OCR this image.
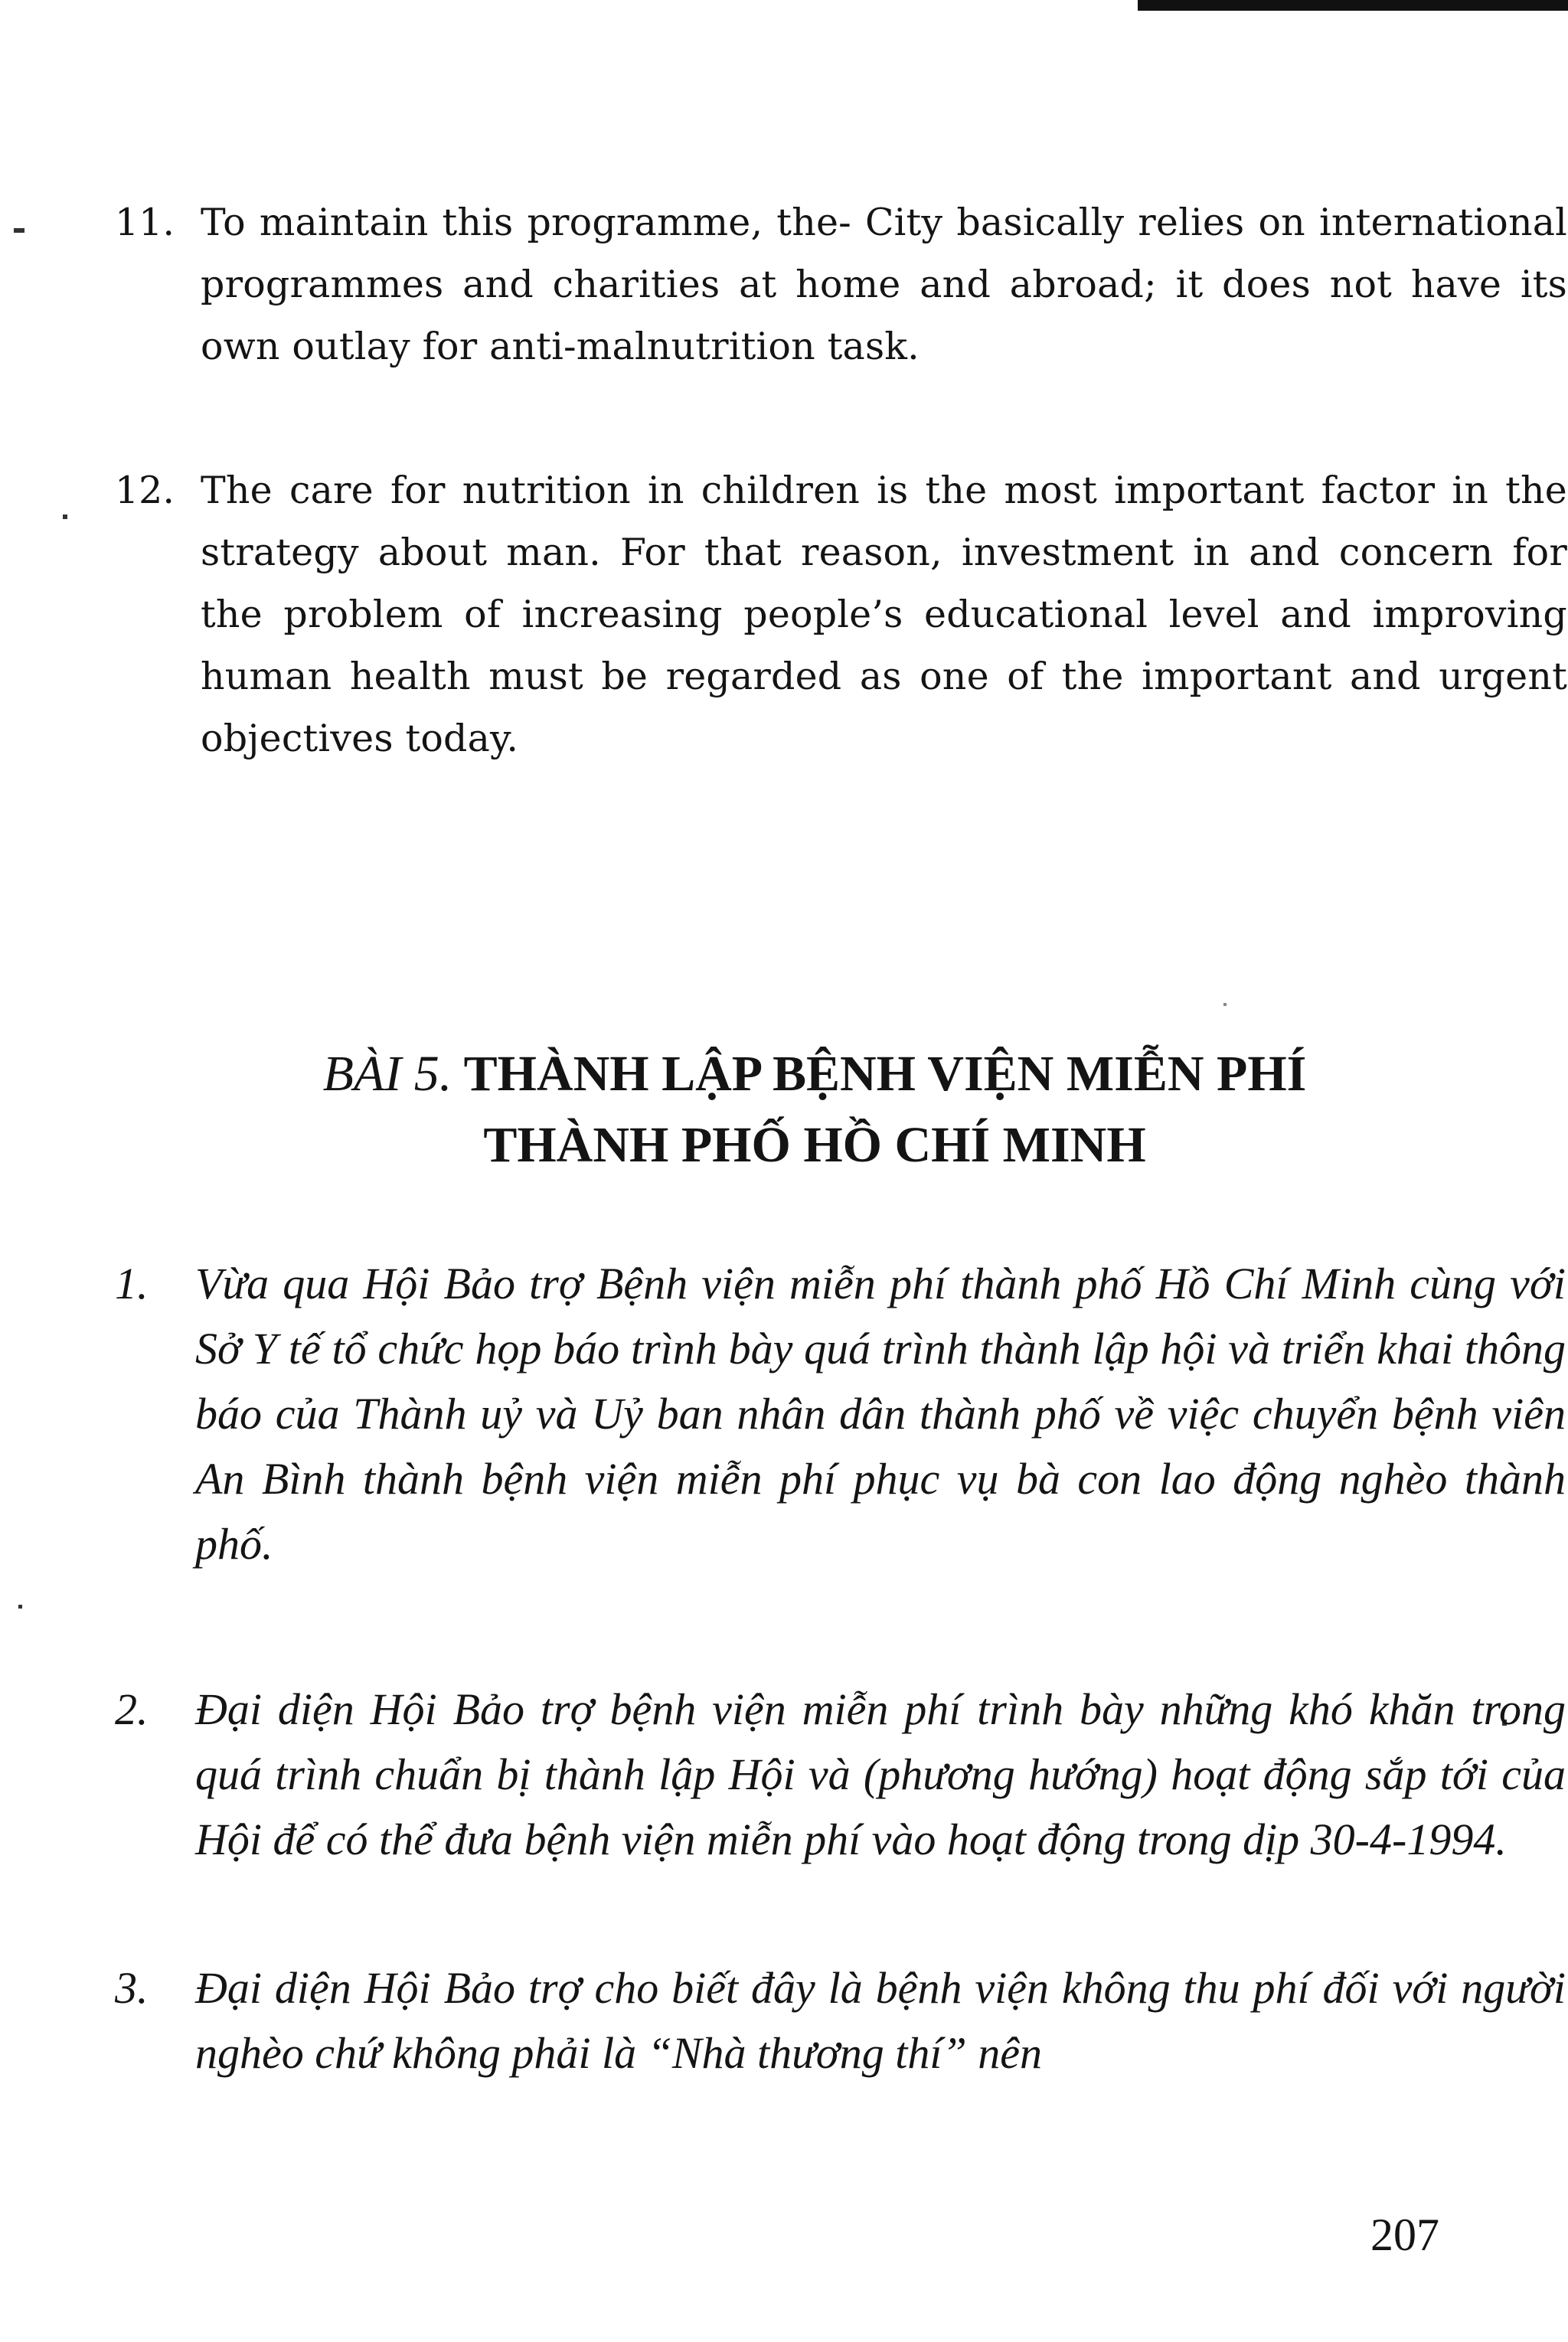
11. To maintain this programme, the‑ City basically relies on international programmes and charities at home and abroad; it does not have its own outlay for anti-malnutrition task.
12. The care for nutrition in children is the most important factor in the strategy about man. For that reason, investment in and concern for the problem of increasing people’s educational level and improving human health must be regarded as one of the important and urgent objectives today.
BÀI 5. THÀNH LẬP BỆNH VIỆN MIỄN PHÍ
THÀNH PHỐ HỒ CHÍ MINH
1. Vừa qua Hội Bảo trợ Bệnh viện miễn phí thành phố Hồ Chí Minh cùng với Sở Y tế tổ chức họp báo trình bày quá trình thành lập hội và triển khai thông báo của Thành uỷ và Uỷ ban nhân dân thành phố về việc chuyển bệnh viên An Bình thành bệnh viện miễn phí phục vụ bà con lao động nghèo thành phố.
2. Đại diện Hội Bảo trợ bệnh viện miễn phí trình bày những khó khăn trong quá trình chuẩn bị thành lập Hội và (phương hướng) hoạt động sắp tới của Hội để có thể đưa bệnh viện miễn phí vào hoạt động trong dịp 30-4-1994.
3. Đại diện Hội Bảo trợ cho biết đây là bệnh viện không thu phí đối với người nghèo chứ không phải là “Nhà thương thí” nên
207
